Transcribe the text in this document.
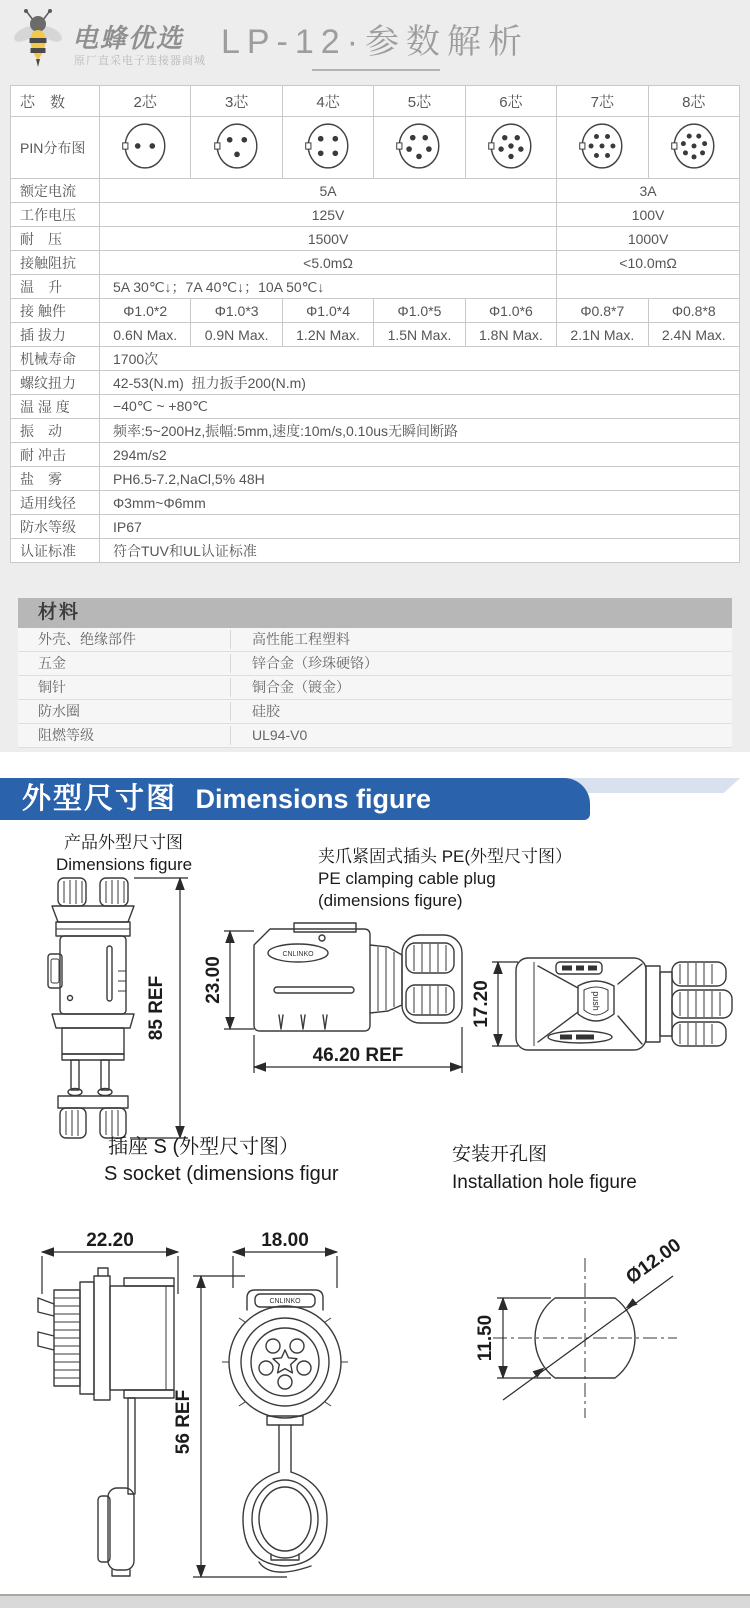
电蜂优选
原厂直采电子连接器商城 LP-12·参数解析
芯　数	2芯	3芯	4芯	5芯	6芯	7芯	8芯
PIN分布图							
额定电流	5A					3A	
工作电压	125V					100V	
耐　压	1500V					1000V	
接触阻抗	<5.0mΩ					<10.0mΩ	
温　升	5A 30℃↓；7A 40℃↓；10A 50℃↓						
接 触件	Φ1.0*2	Φ1.0*3	Φ1.0*4	Φ1.0*5	Φ1.0*6	Φ0.8*7	Φ0.8*8
插 拔力	0.6N Max.	0.9N Max.	1.2N Max.	1.5N Max.	1.8N Max.	2.1N Max.	2.4N Max.
机械寿命	1700次						
螺纹扭力	42-53(N.m)  扭力扳手200(N.m)						
温 湿 度	−40℃ ~ +80℃						
振　动	频率:5~200Hz,振幅:5mm,速度:10m/s,0.10us无瞬间断路						
耐 冲击	294m/s2						
盐　雾	PH6.5-7.2,NaCl,5% 48H						
适用线径	Φ3mm~Φ6mm						
防水等级	IP67						
认证标准	符合TUV和UL认证标准						
材料
外壳、绝缘部件	高性能工程塑料
五金	锌合金（珍珠硬铬）
铜针	铜合金（镀金）
防水圈	硅胶
阻燃等级	UL94-V0
外型尺寸图 Dimensions figure
产品外型尺寸图
Dimensions figure	夹爪紧固式插头 PE(外型尺寸图）
PE clamping cable plug
(dimensions figure)
85 REF
CNLINKO
23.00
46.20 REF
push
17.20
插座 S (外型尺寸图）
S socket (dimensions figur
安装开孔图
Installation hole figure
22.20	18.00
CNLINKO
56 REF
11.50
Ø12.00
